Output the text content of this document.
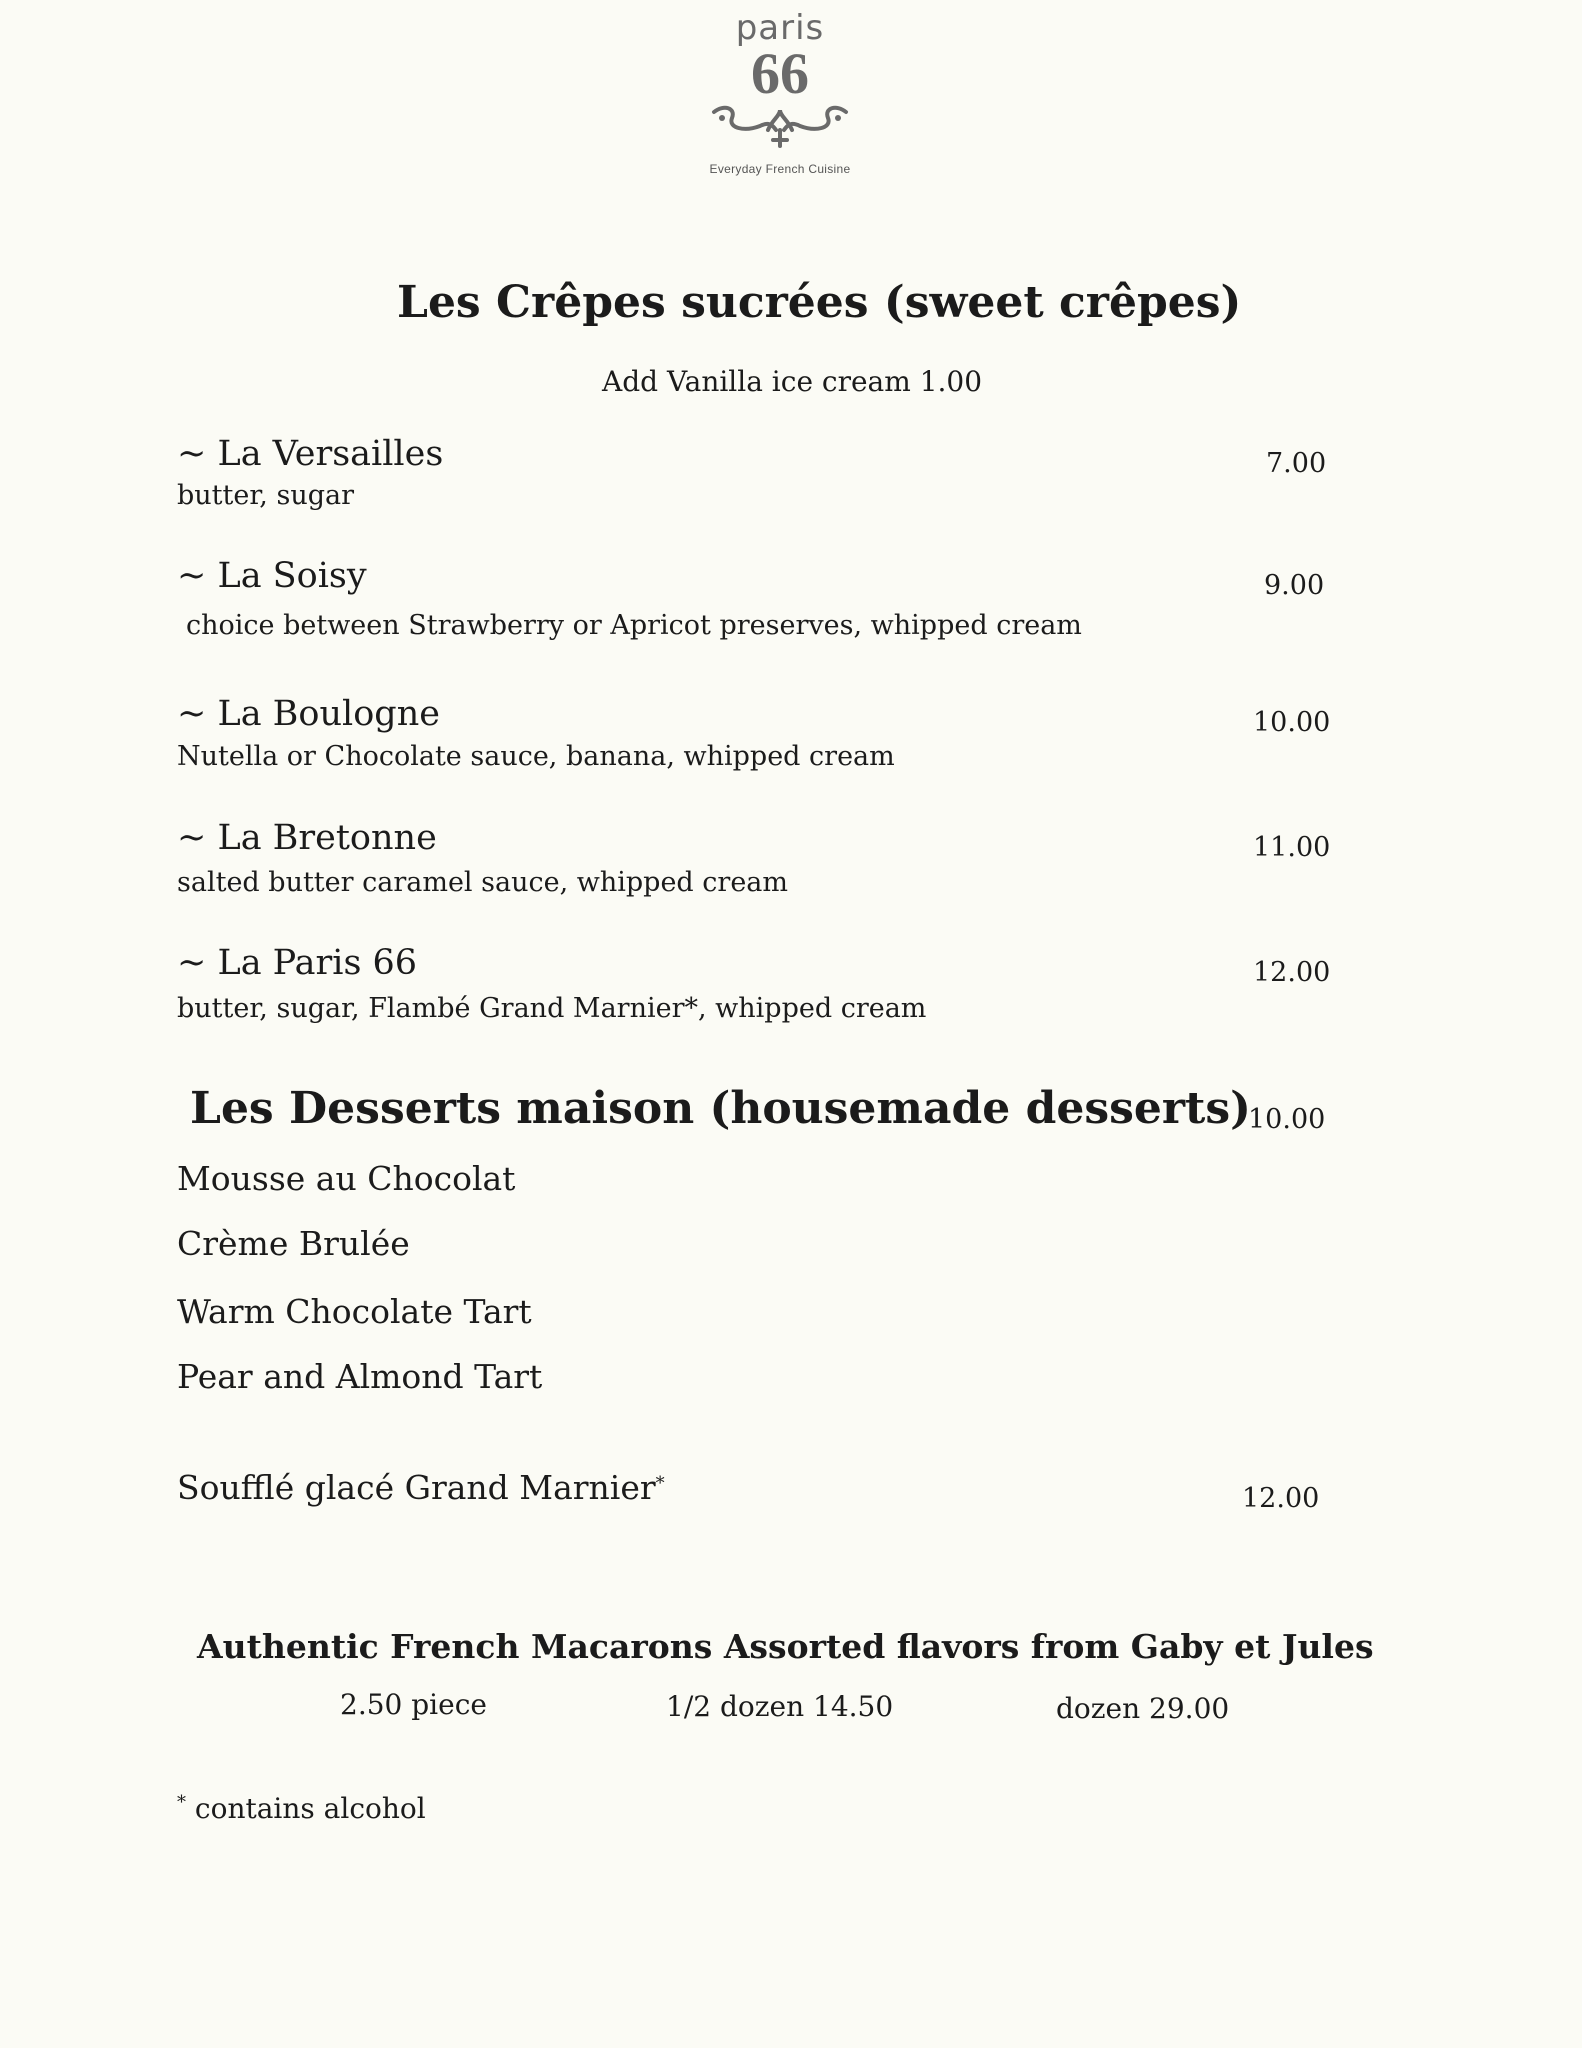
paris
66
Everyday French Cuisine
Les Crêpes sucrées (sweet crêpes)
Add Vanilla ice cream 1.00
~ La Versailles
butter, sugar
7.00
~ La Soisy
choice between Strawberry or Apricot preserves, whipped cream
9.00
~ La Boulogne
Nutella or Chocolate sauce, banana, whipped cream
10.00
~ La Bretonne
salted butter caramel sauce, whipped cream
11.00
~ La Paris 66
butter, sugar, Flambé Grand Marnier*, whipped cream
12.00
Les Desserts maison (housemade desserts)
10.00
Mousse au Chocolat
Crème Brulée
Warm Chocolate Tart
Pear and Almond Tart
Soufflé glacé Grand Marnier*	12.00
Authentic French Macarons Assorted flavors from Gaby et Jules
2.50 piece	1/2 dozen 14.50	dozen 29.00
* contains alcohol
